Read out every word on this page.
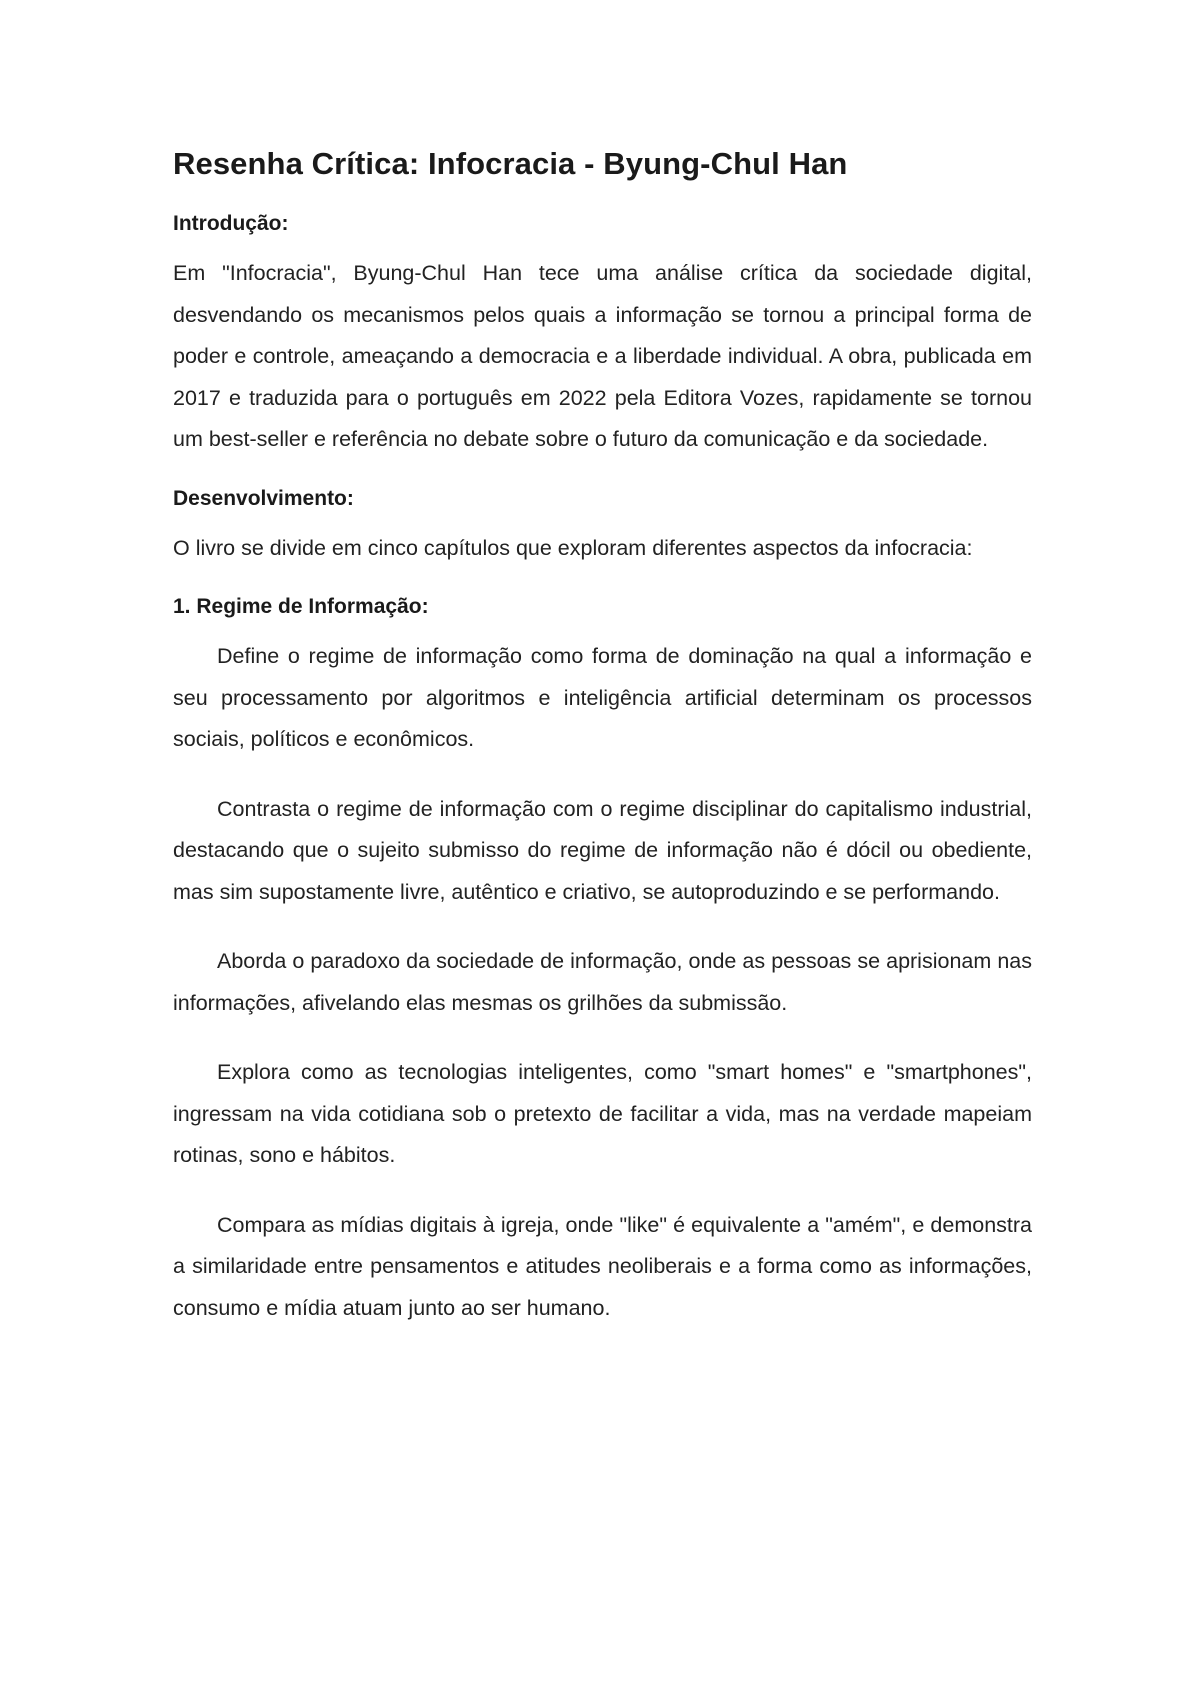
Resenha Crítica: Infocracia - Byung-Chul Han
Introdução:

Em "Infocracia", Byung-Chul Han tece uma análise crítica da sociedade digital, desvendando os mecanismos pelos quais a informação se tornou a principal forma de poder e controle, ameaçando a democracia e a liberdade individual. A obra, publicada em 2017 e traduzida para o português em 2022 pela Editora Vozes, rapidamente se tornou um best-seller e referência no debate sobre o futuro da comunicação e da sociedade.

Desenvolvimento:

O livro se divide em cinco capítulos que exploram diferentes aspectos da infocracia:

1. Regime de Informação:

Define o regime de informação como forma de dominação na qual a informação e seu processamento por algoritmos e inteligência artificial determinam os processos sociais, políticos e econômicos.

Contrasta o regime de informação com o regime disciplinar do capitalismo industrial, destacando que o sujeito submisso do regime de informação não é dócil ou obediente, mas sim supostamente livre, autêntico e criativo, se autoproduzindo e se performando.

Aborda o paradoxo da sociedade de informação, onde as pessoas se aprisionam nas informações, afivelando elas mesmas os grilhões da submissão.

Explora como as tecnologias inteligentes, como "smart homes" e "smartphones", ingressam na vida cotidiana sob o pretexto de facilitar a vida, mas na verdade mapeiam rotinas, sono e hábitos.

Compara as mídias digitais à igreja, onde "like" é equivalente a "amém", e demonstra a similaridade entre pensamentos e atitudes neoliberais e a forma como as informações, consumo e mídia atuam junto ao ser humano.
